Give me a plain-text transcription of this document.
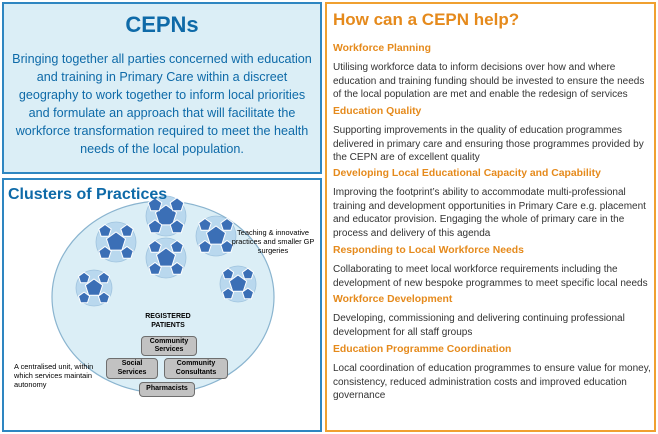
CEPNs
Bringing together all parties concerned with education and training in Primary Care within a discreet geography to work together to inform local priorities and formulate an approach that will facilitate the workforce transformation required to meet the health needs of the local population.
Clusters of Practices
Teaching & innovative practices and smaller GP surgeries
A centralised unit, within which services maintain autonomy
REGISTERED PATIENTS
Community Services
Social Services
Community Consultants
Pharmacists
How can a CEPN help?
Workforce Planning
Utilising workforce data to inform decisions over how and where education and training funding should be invested to ensure the needs of the local population are met and enable the redesign of services
Education Quality
Supporting improvements in the quality of education programmes delivered in primary care and ensuring those programmes provided by the CEPN are of excellent quality
Developing Local Educational Capacity and Capability
Improving the footprint’s ability to accommodate multi-professional training and development opportunities in Primary Care e.g. placement and educator provision. Engaging the whole of primary care in the process and delivery of this agenda
Responding to Local Workforce Needs
Collaborating to meet local workforce requirements including the development of new bespoke programmes to meet specific local needs
Workforce Development
Developing, commissioning and delivering continuing professional development for all staff groups
Education Programme Coordination
Local coordination of education programmes to ensure value for money, consistency, reduced administration costs and improved education governance
